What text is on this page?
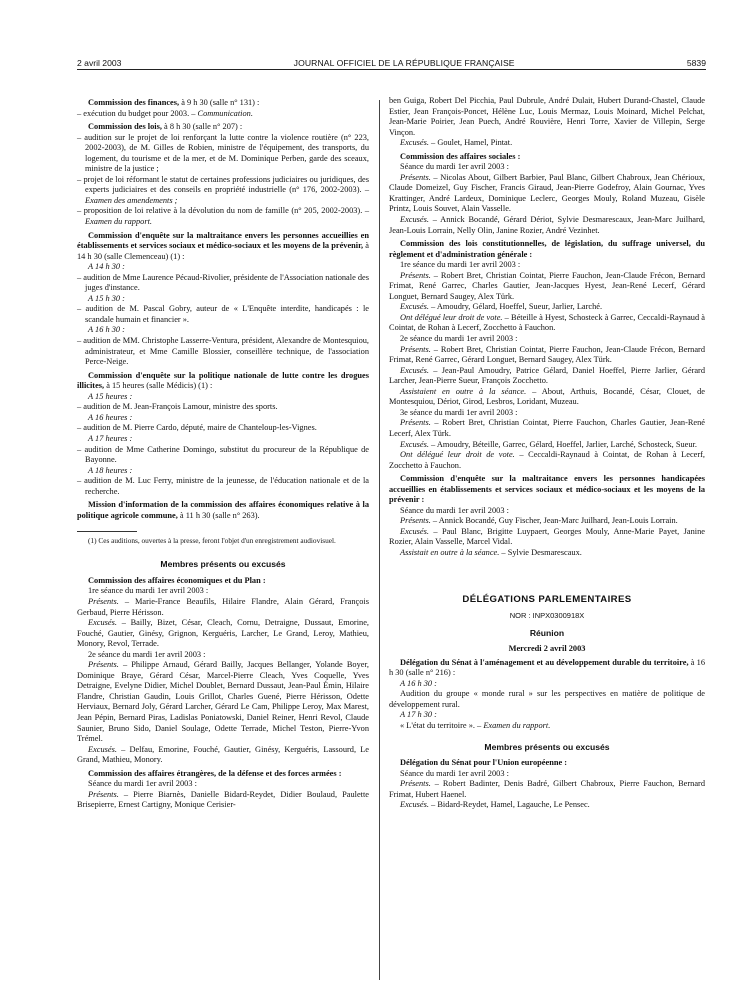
2 avril 2003	JOURNAL OFFICIEL DE LA RÉPUBLIQUE FRANÇAISE	5839

Commission des finances, à 9 h 30 (salle n° 131) :

– exécution du budget pour 2003. – Communication.

Commission des lois, à 8 h 30 (salle n° 207) :

– audition sur le projet de loi renforçant la lutte contre la violence routière (n° 223, 2002-2003), de M. Gilles de Robien, ministre de l'équipement, des transports, du logement, du tourisme et de la mer, et de M. Dominique Perben, garde des sceaux, ministre de la justice ;

– projet de loi réformant le statut de certaines professions judiciaires ou juridiques, des experts judiciaires et des conseils en propriété industrielle (n° 176, 2002-2003). – Examen des amendements ;

– proposition de loi relative à la dévolution du nom de famille (n° 205, 2002-2003). – Examen du rapport.

Commission d'enquête sur la maltraitance envers les personnes accueillies en établissements et services sociaux et médico-sociaux et les moyens de la prévenir, à 14 h 30 (salle Clemenceau) (1) :

A 14 h 30 :

– audition de Mme Laurence Pécaud-Rivolier, présidente de l'Association nationale des juges d'instance.

A 15 h 30 :

– audition de M. Pascal Gobry, auteur de « L'Enquête interdite, handicapés : le scandale humain et financier ».

A 16 h 30 :

– audition de MM. Christophe Lasserre-Ventura, président, Alexandre de Montesquiou, administrateur, et Mme Camille Blossier, conseillère technique, de l'association Perce-Neige.

Commission d'enquête sur la politique nationale de lutte contre les drogues illicites, à 15 heures (salle Médicis) (1) :

A 15 heures :

– audition de M. Jean-François Lamour, ministre des sports.

A 16 heures :

– audition de M. Pierre Cardo, député, maire de Chanteloup-les-Vignes.

A 17 heures :

– audition de Mme Catherine Domingo, substitut du procureur de la République de Bayonne.

A 18 heures :

– audition de M. Luc Ferry, ministre de la jeunesse, de l'éducation nationale et de la recherche.

Mission d'information de la commission des affaires économiques relative à la politique agricole commune, à 11 h 30 (salle n° 263).

(1) Ces auditions, ouvertes à la presse, feront l'objet d'un enregistrement audiovisuel.

Membres présents ou excusés

Commission des affaires économiques et du Plan :

1re séance du mardi 1er avril 2003 :

Présents. – Marie-France Beaufils, Hilaire Flandre, Alain Gérard, François Gerbaud, Pierre Hérisson.

Excusés. – Bailly, Bizet, César, Cleach, Cornu, Detraigne, Dussaut, Emorine, Fouché, Gautier, Ginésy, Grignon, Kerguéris, Larcher, Le Grand, Leroy, Mathieu, Monory, Revol, Terrade.

2e séance du mardi 1er avril 2003 :

Présents. – Philippe Arnaud, Gérard Bailly, Jacques Bellanger, Yolande Boyer, Dominique Braye, Gérard César, Marcel-Pierre Cleach, Yves Coquelle, Yves Detraigne, Evelyne Didier, Michel Doublet, Bernard Dussaut, Jean-Paul Émin, Hilaire Flandre, Christian Gaudin, Louis Grillot, Charles Guené, Pierre Hérisson, Odette Herviaux, Bernard Joly, Gérard Larcher, Gérard Le Cam, Philippe Leroy, Max Marest, Jean Pépin, Bernard Piras, Ladislas Poniatowski, Daniel Reiner, Henri Revol, Claude Saunier, Bruno Sido, Daniel Soulage, Odette Terrade, Michel Teston, Pierre-Yvon Trémel.

Excusés. – Delfau, Emorine, Fouché, Gautier, Ginésy, Kerguéris, Lassourd, Le Grand, Mathieu, Monory.

Commission des affaires étrangères, de la défense et des forces armées :

Séance du mardi 1er avril 2003 :

Présents. – Pierre Biarnès, Danielle Bidard-Reydet, Didier Boulaud, Paulette Brisepierre, Ernest Cartigny, Monique Cerisier-

ben Guiga, Robert Del Picchia, Paul Dubrule, André Dulait, Hubert Durand-Chastel, Claude Estier, Jean François-Poncet, Hélène Luc, Louis Mermaz, Louis Moinard, Michel Pelchat, Jean-Marie Poirier, Jean Puech, André Rouvière, Henri Torre, Xavier de Villepin, Serge Vinçon.

Excusés. – Goulet, Hamel, Pintat.

Commission des affaires sociales :

Séance du mardi 1er avril 2003 :

Présents. – Nicolas About, Gilbert Barbier, Paul Blanc, Gilbert Chabroux, Jean Chérioux, Claude Domeizel, Guy Fischer, Francis Giraud, Jean-Pierre Godefroy, Alain Gournac, Yves Krattinger, André Lardeux, Dominique Leclerc, Georges Mouly, Roland Muzeau, Gisèle Printz, Louis Souvet, Alain Vasselle.

Excusés. – Annick Bocandé, Gérard Dériot, Sylvie Desmarescaux, Jean-Marc Juilhard, Jean-Louis Lorrain, Nelly Olin, Janine Rozier, André Vezinhet.

Commission des lois constitutionnelles, de législation, du suffrage universel, du règlement et d'administration générale :

1re séance du mardi 1er avril 2003 :

Présents. – Robert Bret, Christian Cointat, Pierre Fauchon, Jean-Claude Frécon, Bernard Frimat, René Garrec, Charles Gautier, Jean-Jacques Hyest, Jean-René Lecerf, Gérard Longuet, Bernard Saugey, Alex Türk.

Excusés. – Amoudry, Gélard, Hoeffel, Sueur, Jarlier, Larché.

Ont délégué leur droit de vote. – Béteille à Hyest, Schosteck à Garrec, Ceccaldi-Raynaud à Cointat, de Rohan à Lecerf, Zocchetto à Fauchon.

2e séance du mardi 1er avril 2003 :

Présents. – Robert Bret, Christian Cointat, Pierre Fauchon, Jean-Claude Frécon, Bernard Frimat, René Garrec, Gérard Longuet, Bernard Saugey, Alex Türk.

Excusés. – Jean-Paul Amoudry, Patrice Gélard, Daniel Hoeffel, Pierre Jarlier, Gérard Larcher, Jean-Pierre Sueur, François Zocchetto.

Assistaient en outre à la séance. – About, Arthuis, Bocandé, César, Clouet, de Montesquiou, Dériot, Girod, Lesbros, Loridant, Muzeau.

3e séance du mardi 1er avril 2003 :

Présents. – Robert Bret, Christian Cointat, Pierre Fauchon, Charles Gautier, Jean-René Lecerf, Alex Türk.

Excusés. – Amoudry, Béteille, Garrec, Gélard, Hoeffel, Jarlier, Larché, Schosteck, Sueur.

Ont délégué leur droit de vote. – Ceccaldi-Raynaud à Cointat, de Rohan à Lecerf, Zocchetto à Fauchon.

Commission d'enquête sur la maltraitance envers les personnes handicapées accueillies en établissements et services sociaux et médico-sociaux et les moyens de la prévenir :

Séance du mardi 1er avril 2003 :

Présents. – Annick Bocandé, Guy Fischer, Jean-Marc Juilhard, Jean-Louis Lorrain.

Excusés. – Paul Blanc, Brigitte Luypaert, Georges Mouly, Anne-Marie Payet, Janine Rozier, Alain Vasselle, Marcel Vidal.

Assistait en outre à la séance. – Sylvie Desmarescaux.

DÉLÉGATIONS PARLEMENTAIRES

NOR : INPX0300918X

Réunion

Mercredi 2 avril 2003

Délégation du Sénat à l'aménagement et au développement durable du territoire, à 16 h 30 (salle n° 216) :

A 16 h 30 :

Audition du groupe « monde rural » sur les perspectives en matière de politique de développement rural.

A 17 h 30 :

« L'état du territoire ». – Examen du rapport.

Membres présents ou excusés

Délégation du Sénat pour l'Union européenne :

Séance du mardi 1er avril 2003 :

Présents. – Robert Badinter, Denis Badré, Gilbert Chabroux, Pierre Fauchon, Bernard Frimat, Hubert Haenel.

Excusés. – Bidard-Reydet, Hamel, Lagauche, Le Pensec.
